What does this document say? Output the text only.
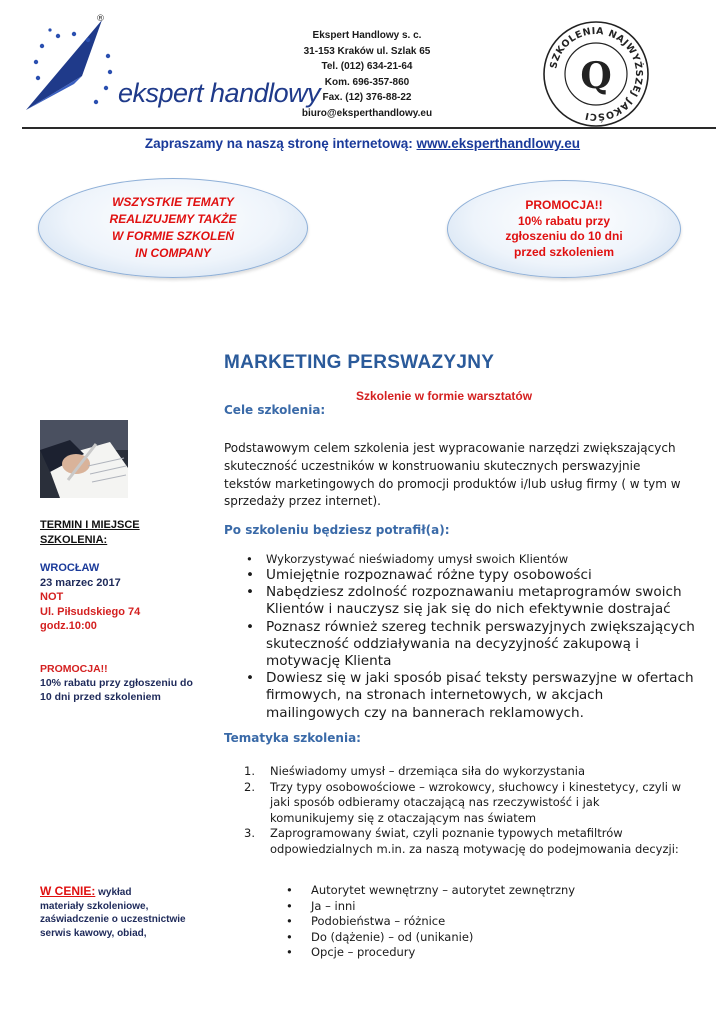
®
ekspert handlowy
Ekspert Handlowy s. c.
31-153 Kraków ul. Szlak 65
Tel. (012) 634-21-64
Kom. 696-357-860
Fax. (12) 376-88-22
biuro@eksperthandlowy.eu
SZKOLENIA NAJWYŻSZEJ JAKOŚCI
Q
Zapraszamy na naszą stronę internetową: www.eksperthandlowy.eu
WSZYSTKIE TEMATY
REALIZUJEMY TAKŻE
W FORMIE SZKOLEŃ
IN COMPANY
PROMOCJA!!
10% rabatu przy
zgłoszeniu do 10 dni
przed szkoleniem
MARKETING PERSWAZYJNY
Szkolenie w formie warsztatów
Cele szkolenia:
Podstawowym celem szkolenia jest wypracowanie narzędzi zwiększających skuteczność uczestników w konstruowaniu skutecznych perswazyjnie tekstów marketingowych do promocji produktów i/lub usług firmy ( w tym w sprzedaży przez internet).
Po szkoleniu będziesz potrafił(a):
• Wykorzystywać nieświadomy umysł swoich Klientów
• Umiejętnie rozpoznawać różne typy osobowości
• Nabędziesz zdolność rozpoznawaniu metaprogramów swoich Klientów i nauczysz się jak się do nich efektywnie dostrajać
• Poznasz również szereg technik perswazyjnych zwiększających skuteczność oddziaływania na decyzyjność zakupową i motywację Klienta
• Dowiesz się w jaki sposób pisać teksty perswazyjne w ofertach firmowych, na stronach internetowych, w akcjach mailingowych czy na bannerach reklamowych.
Tematyka szkolenia:
1. Nieświadomy umysł – drzemiąca siła do wykorzystania
2. Trzy typy osobowościowe – wzrokowcy, słuchowcy i kinestetycy, czyli w jaki sposób odbieramy otaczającą nas rzeczywistość i jak komunikujemy się z otaczającym nas światem
3. Zaprogramowany świat, czyli poznanie typowych metafiltrów odpowiedzialnych m.in. za naszą motywację do podejmowania decyzji:
• Autorytet wewnętrzny – autorytet zewnętrzny
• Ja – inni
• Podobieństwa – różnice
• Do (dążenie) – od (unikanie)
• Opcje – procedury
TERMIN I MIEJSCE
SZKOLENIA:
WROCŁAW
23 marzec 2017
NOT
Ul. Piłsudskiego 74
godz.10:00
PROMOCJA!!
10% rabatu przy zgłoszeniu do
10 dni przed szkoleniem
W CENIE: wykład
materiały szkoleniowe,
zaświadczenie o uczestnictwie
serwis kawowy, obiad,
